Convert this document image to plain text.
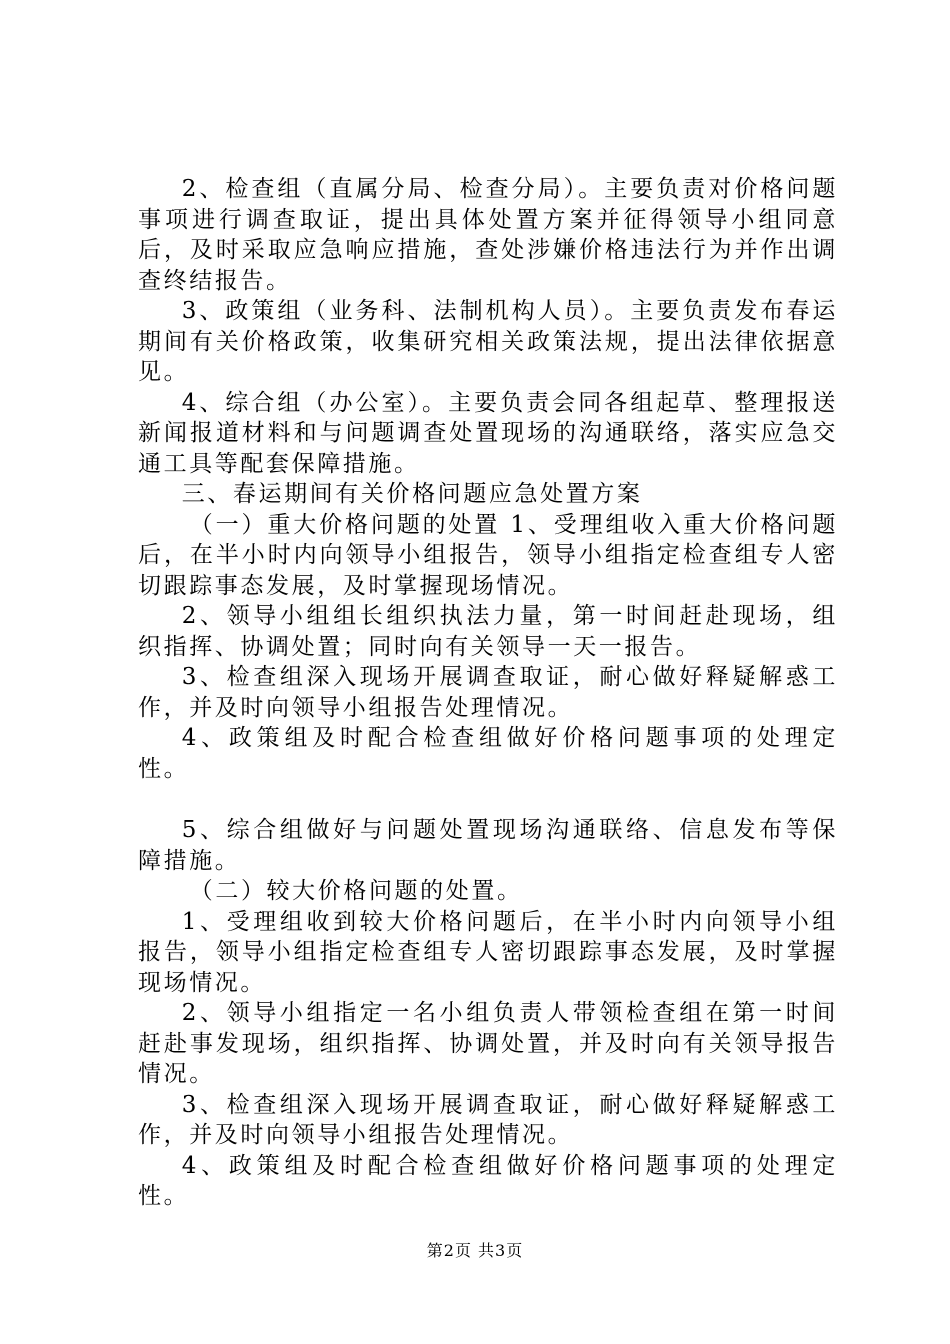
2、检查组（直属分局、检查分局）。主要负责对价格问题事项进行调查取证，提出具体处置方案并征得领导小组同意后，及时采取应急响应措施，查处涉嫌价格违法行为并作出调查终结报告。

3、政策组（业务科、法制机构人员）。主要负责发布春运期间有关价格政策，收集研究相关政策法规，提出法律依据意见。

4、综合组（办公室）。主要负责会同各组起草、整理报送新闻报道材料和与问题调查处置现场的沟通联络，落实应急交通工具等配套保障措施。

三、春运期间有关价格问题应急处置方案

（一）重大价格问题的处置 1、受理组收入重大价格问题后，在半小时内向领导小组报告，领导小组指定检查组专人密切跟踪事态发展，及时掌握现场情况。

2、领导小组组长组织执法力量，第一时间赶赴现场，组织指挥、协调处置；同时向有关领导一天一报告。

3、检查组深入现场开展调查取证，耐心做好释疑解惑工作，并及时向领导小组报告处理情况。

4、政策组及时配合检查组做好价格问题事项的处理定性。

5、综合组做好与问题处置现场沟通联络、信息发布等保障措施。

（二）较大价格问题的处置。

1、受理组收到较大价格问题后，在半小时内向领导小组报告，领导小组指定检查组专人密切跟踪事态发展，及时掌握现场情况。

2、领导小组指定一名小组负责人带领检查组在第一时间赶赴事发现场，组织指挥、协调处置，并及时向有关领导报告情况。

3、检查组深入现场开展调查取证，耐心做好释疑解惑工作，并及时向领导小组报告处理情况。

4、政策组及时配合检查组做好价格问题事项的处理定性。

第2页 共3页
